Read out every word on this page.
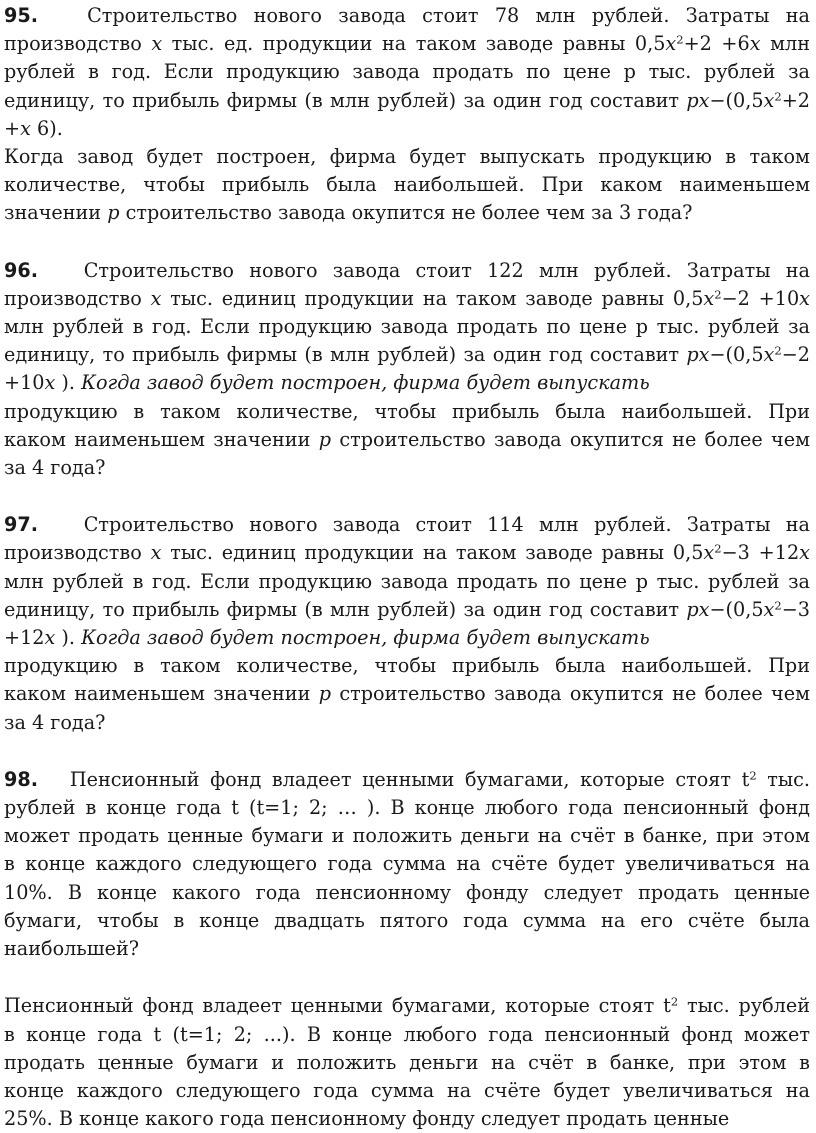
95.	Строительство нового завода стоит 78 млн рублей. Затраты на
производство x тыс. ед. продукции на таком заводе равны $0,5x^2+2 +6x$ млн
рублей в год. Если продукцию завода продать по цене р тыс. рублей за
единицу, то прибыль фирмы (в млн рублей) за один год составит $px-(0,5x^2+2$
+x 6).
Когда завод будет построен, фирма будет выпускать продукцию в таком
количестве, чтобы прибыль была наибольшей. При каком наименьшем
значении р строительство завода окупится не более чем за 3 года?
96. Строительство нового завода стоит 122 млн рублей. Затраты на
производство x тыс. единиц продукции на таком заводе равны $0,5x^2-2 +10x$
млн рублей в год. Если продукцию завода продать по цене р тыс. рублей за
единицу, то прибыль фирмы (в млн рублей) за один год составит $px-(0,5x^2-2$
+10x ). Когда завод будет построен, фирма будет выпускать
продукцию в таком количестве, чтобы прибыль была наибольшей. При
каком наименьшем значении р строительство завода окупится не более чем
за 4 года?
97. Строительство нового завода стоит 114 млн рублей. Затраты на
производство x тыс. единиц продукции на таком заводе равны $0,5x^2-3 +12x$
млн рублей в год. Если продукцию завода продать по цене р тыс. рублей за
единицу, то прибыль фирмы (в млн рублей) за один год составит $px-(0,5x^2-3$
+12x ). Когда завод будет построен, фирма будет выпускать
продукцию в таком количестве, чтобы прибыль была наибольшей. При
каком наименьшем значении р строительство завода окупится не более чем
за 4 года?
98. Пенсионный фонд владеет ценными бумагами, которые стоят $t^2$ тыс.
рублей в конце года t (t=1; 2; … ). В конце любого года пенсионный фонд
может продать ценные бумаги и положить деньги на счёт в банке, при этом
в конце каждого следующего года сумма на счёте будет увеличиваться на
10%. В конце какого года пенсионному фонду следует продать ценные
бумаги, чтобы в конце двадцать пятого года сумма на его счёте была
наибольшей?
Пенсионный фонд владеет ценными бумагами, которые стоят $t^2$ тыс. рублей
в конце года t (t=1; 2; ...). В конце любого года пенсионный фонд может
продать ценные бумаги и положить деньги на счёт в банке, при этом в
конце каждого следующего года сумма на счёте будет увеличиваться на
25%. В конце какого года пенсионному фонду следует продать ценные
